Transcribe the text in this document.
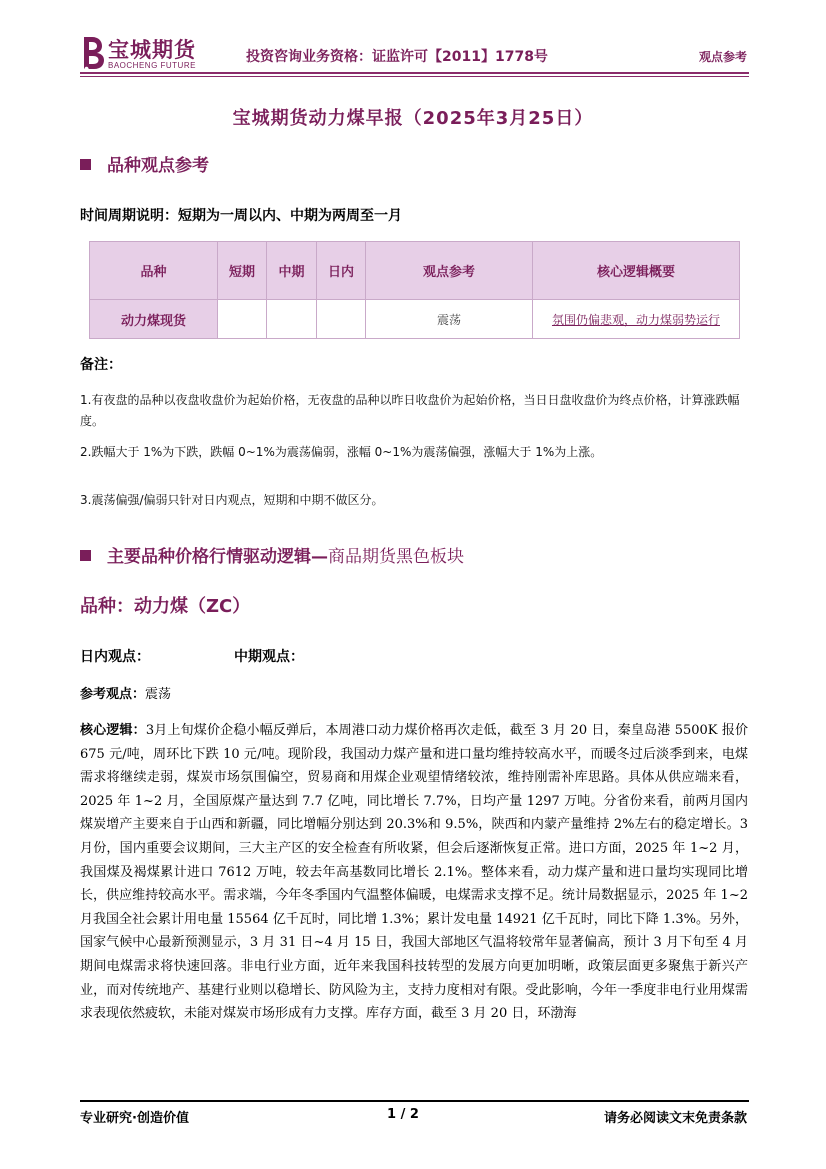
宝城期货
BAOCHENG FUTURE
投资咨询业务资格：证监许可【2011】1778号	观点参考
宝城期货动力煤早报（2025年3月25日）
品种观点参考
时间周期说明：短期为一周以内、中期为两周至一月
品种	短期	中期	日内	观点参考	核心逻辑概要
动力煤现货				震荡	氛围仍偏悲观，动力煤弱势运行
备注：
1.有夜盘的品种以夜盘收盘价为起始价格，无夜盘的品种以昨日收盘价为起始价格，当日日盘收盘价为终点价格，计算涨跌幅度。
2.跌幅大于 1%为下跌，跌幅 0~1%为震荡偏弱，涨幅 0~1%为震荡偏强，涨幅大于 1%为上涨。
3.震荡偏强/偏弱只针对日内观点，短期和中期不做区分。
主要品种价格行情驱动逻辑—商品期货黑色板块
品种：动力煤（ZC）
日内观点：	中期观点：
参考观点：震荡
核心逻辑：3月上旬煤价企稳小幅反弹后，本周港口动力煤价格再次走低，截至 3 月 20 日，秦皇岛港 5500K 报价 675 元/吨，周环比下跌 10 元/吨。现阶段，我国动力煤产量和进口量均维持较高水平，而暖冬过后淡季到来，电煤需求将继续走弱，煤炭市场氛围偏空，贸易商和用煤企业观望情绪较浓，维持刚需补库思路。具体从供应端来看，2025 年 1~2 月，全国原煤产量达到 7.7 亿吨，同比增长 7.7%，日均产量 1297 万吨。分省份来看，前两月国内煤炭增产主要来自于山西和新疆，同比增幅分别达到 20.3%和 9.5%，陕西和内蒙产量维持 2%左右的稳定增长。3 月份，国内重要会议期间，三大主产区的安全检查有所收紧，但会后逐渐恢复正常。进口方面，2025 年 1~2 月，我国煤及褐煤累计进口 7612 万吨，较去年高基数同比增长 2.1%。整体来看，动力煤产量和进口量均实现同比增长，供应维持较高水平。需求端，今年冬季国内气温整体偏暖，电煤需求支撑不足。统计局数据显示，2025 年 1~2 月我国全社会累计用电量 15564 亿千瓦时，同比增 1.3%；累计发电量 14921 亿千瓦时，同比下降 1.3%。另外，国家气候中心最新预测显示，3 月 31 日~4 月 15 日，我国大部地区气温将较常年显著偏高，预计 3 月下旬至 4 月期间电煤需求将快速回落。非电行业方面，近年来我国科技转型的发展方向更加明晰，政策层面更多聚焦于新兴产业，而对传统地产、基建行业则以稳增长、防风险为主，支持力度相对有限。受此影响，今年一季度非电行业用煤需求表现依然疲软，未能对煤炭市场形成有力支撑。库存方面，截至 3 月 20 日，环渤海
专业研究·创造价值	1 / 2	请务必阅读文末免责条款
